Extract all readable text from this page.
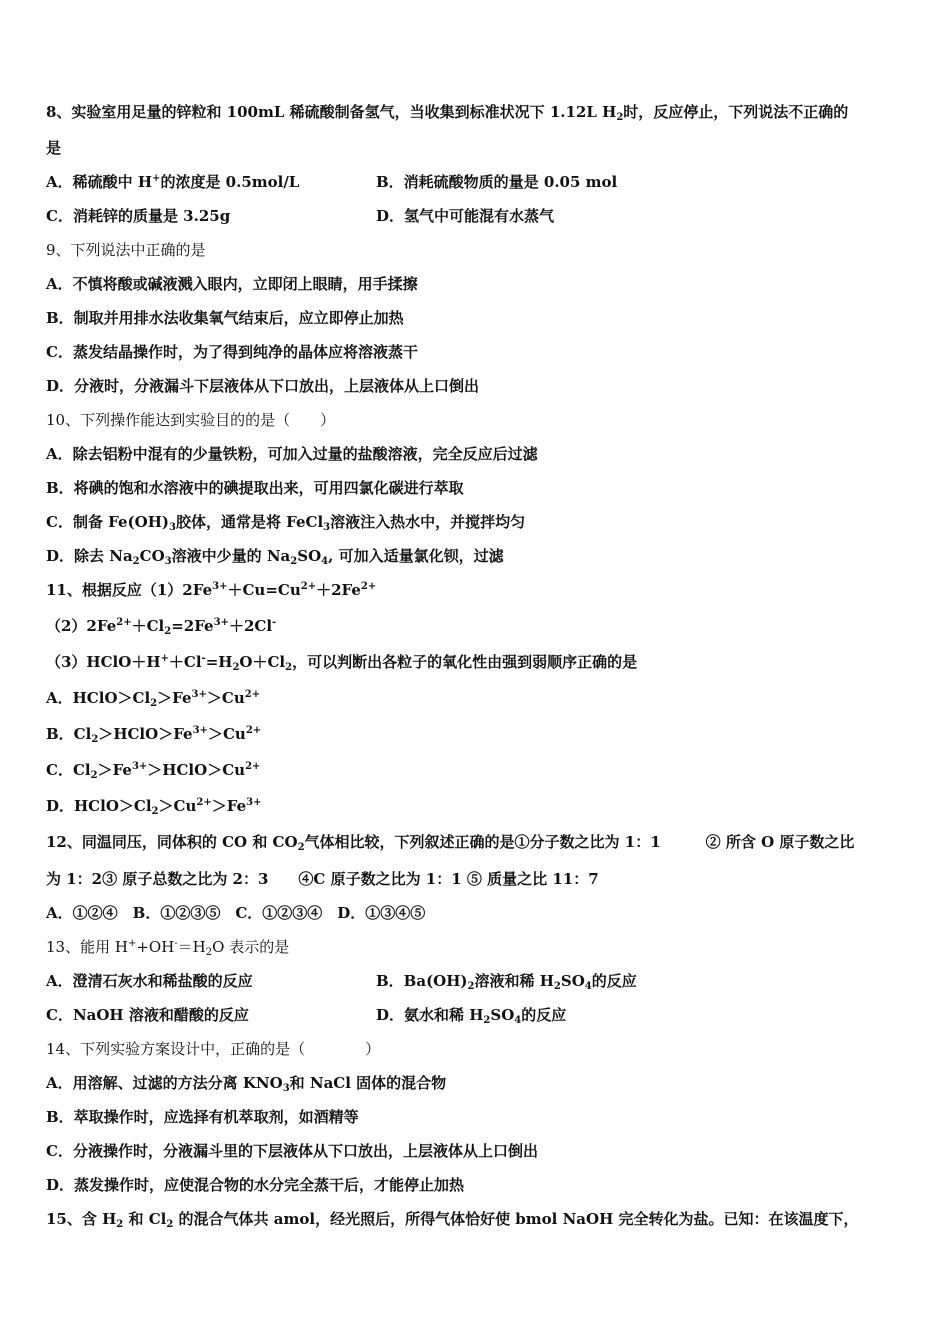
8、实验室用足量的锌粒和 100mL 稀硫酸制备氢气，当收集到标准状况下 1.12L $H_2$时，反应停止，下列说法不正确的
是
A．稀硫酸中 H+的浓度是 0.5mol/L	B．消耗硫酸物质的量是 0.05 mol
C．消耗锌的质量是 3.25g	D．氢气中可能混有水蒸气
9、下列说法中正确的是
A．不慎将酸或碱液溅入眼内，立即闭上眼睛，用手揉擦
B．制取并用排水法收集氧气结束后，应立即停止加热
C．蒸发结晶操作时，为了得到纯净的晶体应将溶液蒸干
D．分液时，分液漏斗下层液体从下口放出，上层液体从上口倒出
10、下列操作能达到实验目的的是（　　）
A．除去铝粉中混有的少量铁粉，可加入过量的盐酸溶液，完全反应后过滤
B．将碘的饱和水溶液中的碘提取出来，可用四氯化碳进行萃取
C．制备 $Fe(OH)_3$胶体，通常是将 FeCl$_3$溶液注入热水中，并搅拌均匀
D．除去 $Na_2CO_3$溶液中少量的 $Na_2SO_4$, 可加入适量氯化钡，过滤
11、根据反应$(1)2Fe^{3+}+Cu=Cu^{2+}+2Fe^{2+}$
$(2)2Fe^{2+}+Cl_2=2Fe^{3+}+2Cl^-$
$(3)HClO+H^++Cl^-=H_2O+Cl_2$，可以判断出各粒子的氧化性由强到弱顺序正确的是
A．$HClO>Cl_2>Fe^{3+}>Cu^{2+}$
B．$Cl_2>HClO>Fe^{3+}>Cu^{2+}$
C．$Cl_2>Fe^{3+}>HClO>Cu^{2+}$
D．$HClO>Cl_2>Cu^{2+}>Fe^{3+}$
12、同温同压，同体积的 CO 和 $CO_2$气体相比较，下列叙述正确的是①分子数之比为 1：1　　　② 所含 O 原子数之比
为 1：2③ 原子总数之比为 2：3　　④C 原子数之比为 1：1 ⑤ 质量之比 11：7
A．①②④　B．①②③⑤　C．①②③④　D．①③④⑤
13、能用 $H^++OH^-=H_2O$ 表示的是
A．澄清石灰水和稀盐酸的反应	B．$Ba(OH)_2$溶液和稀 $H_2SO_4$的反应
C．NaOH 溶液和醋酸的反应	D．氨水和稀 $H_2SO_4$的反应
14、下列实验方案设计中，正确的是（　　　　）
A．用溶解、过滤的方法分离 $KNO_3$和 NaCl 固体的混合物
B．萃取操作时，应选择有机萃取剂，如酒精等
C．分液操作时，分液漏斗里的下层液体从下口放出，上层液体从上口倒出
D．蒸发操作时，应使混合物的水分完全蒸干后，才能停止加热
15、含 $H_2$ 和 $Cl_2$ 的混合气体共 amol，经光照后，所得气体恰好使 bmol NaOH 完全转化为盐。已知：在该温度下，
